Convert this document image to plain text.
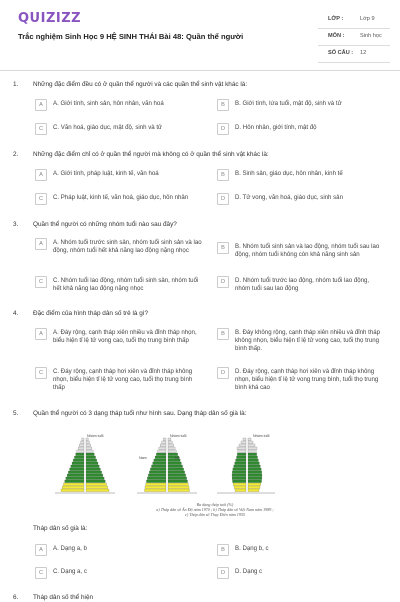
QUIZIZZ
Trắc nghiệm Sinh Học 9 HỆ SINH THÁI Bài 48: Quần thể người
LỚP :	Lớp 9
MÔN :	Sinh học
SỐ CÂU : 12
1. Những đặc điểm đều có ở quần thể người và các quần thể sinh vật khác là:
A	A. Giới tính, sinh sản, hôn nhân, văn hoá	B	B. Giới tính, lứa tuổi, mật độ, sinh và tử
C	C. Văn hoá, giáo dục, mật độ, sinh và tử	D	D. Hôn nhân, giới tính, mật độ
2. Những đặc điểm chỉ có ở quần thể người mà không có ở quần thể sinh vật khác là:
A	A. Giới tính, pháp luật, kinh tế, văn hoá	B	B. Sinh sản, giáo dục, hôn nhân, kinh tế
C	C. Pháp luật, kinh tế, văn hoá, giáo dục, hôn nhân	D	D. Tử vong, văn hoá, giáo dục, sinh sản
3. Quần thể người có những nhóm tuổi nào sau đây?
A	A. Nhóm tuổi trước sinh sản, nhóm tuổi sinh sản và lao động, nhóm tuổi hết khả năng lao động nặng nhọc	B	B. Nhóm tuổi sinh sản và lao động, nhóm tuổi sau lao động, nhóm tuổi không còn khả năng sinh sản
C	C. Nhóm tuổi lao động, nhóm tuổi sinh sản, nhóm tuổi hết khả năng lao động nặng nhọc
D	D. Nhóm tuổi trước lao động, nhóm tuổi lao động, nhóm tuổi sau lao động
4. Đặc điểm của hình tháp dân số trẻ là gì?
A	A. Đáy rộng, cạnh tháp xiên nhiều và đỉnh tháp nhọn, biểu hiện tỉ lệ tử vong cao, tuổi thọ trung bình thấp
B	B. Đáy không rộng, cạnh tháp xiên nhiều và đỉnh tháp không nhọn, biểu hiện tỉ lệ tử vong cao, tuổi thọ trung bình thấp.
C	C. Đáy rộng, cạnh tháp hơi xiên và đỉnh tháp không nhọn, biểu hiện tỉ lệ tử vong cao, tuổi thọ trung bình thấp
D	D. Đáy rộng, cạnh tháp hơi xiên và đỉnh tháp không nhọn, biểu hiện tỉ lệ tử vong trung bình, tuổi thọ trung bình khá cao
5. Quần thể người có 3 dạng tháp tuổi như hình sau. Dạng tháp dân số già là:
Nhóm tuổi	Nhóm tuổi	Nhóm tuổi
Nam	Nữ
Ba dạng tháp tuổi (%)
a) Tháp dân số Ấn Độ năm 1970 ; b) Tháp dân số Việt Nam năm 1989 ;
c) Tháp dân số Thụy Điển năm 1955
Tháp dân số già là:
A	A. Dạng a, b	B	B. Dạng b, c
C	C. Dạng a, c	D	D. Dạng c
6. Tháp dân số thể hiện
